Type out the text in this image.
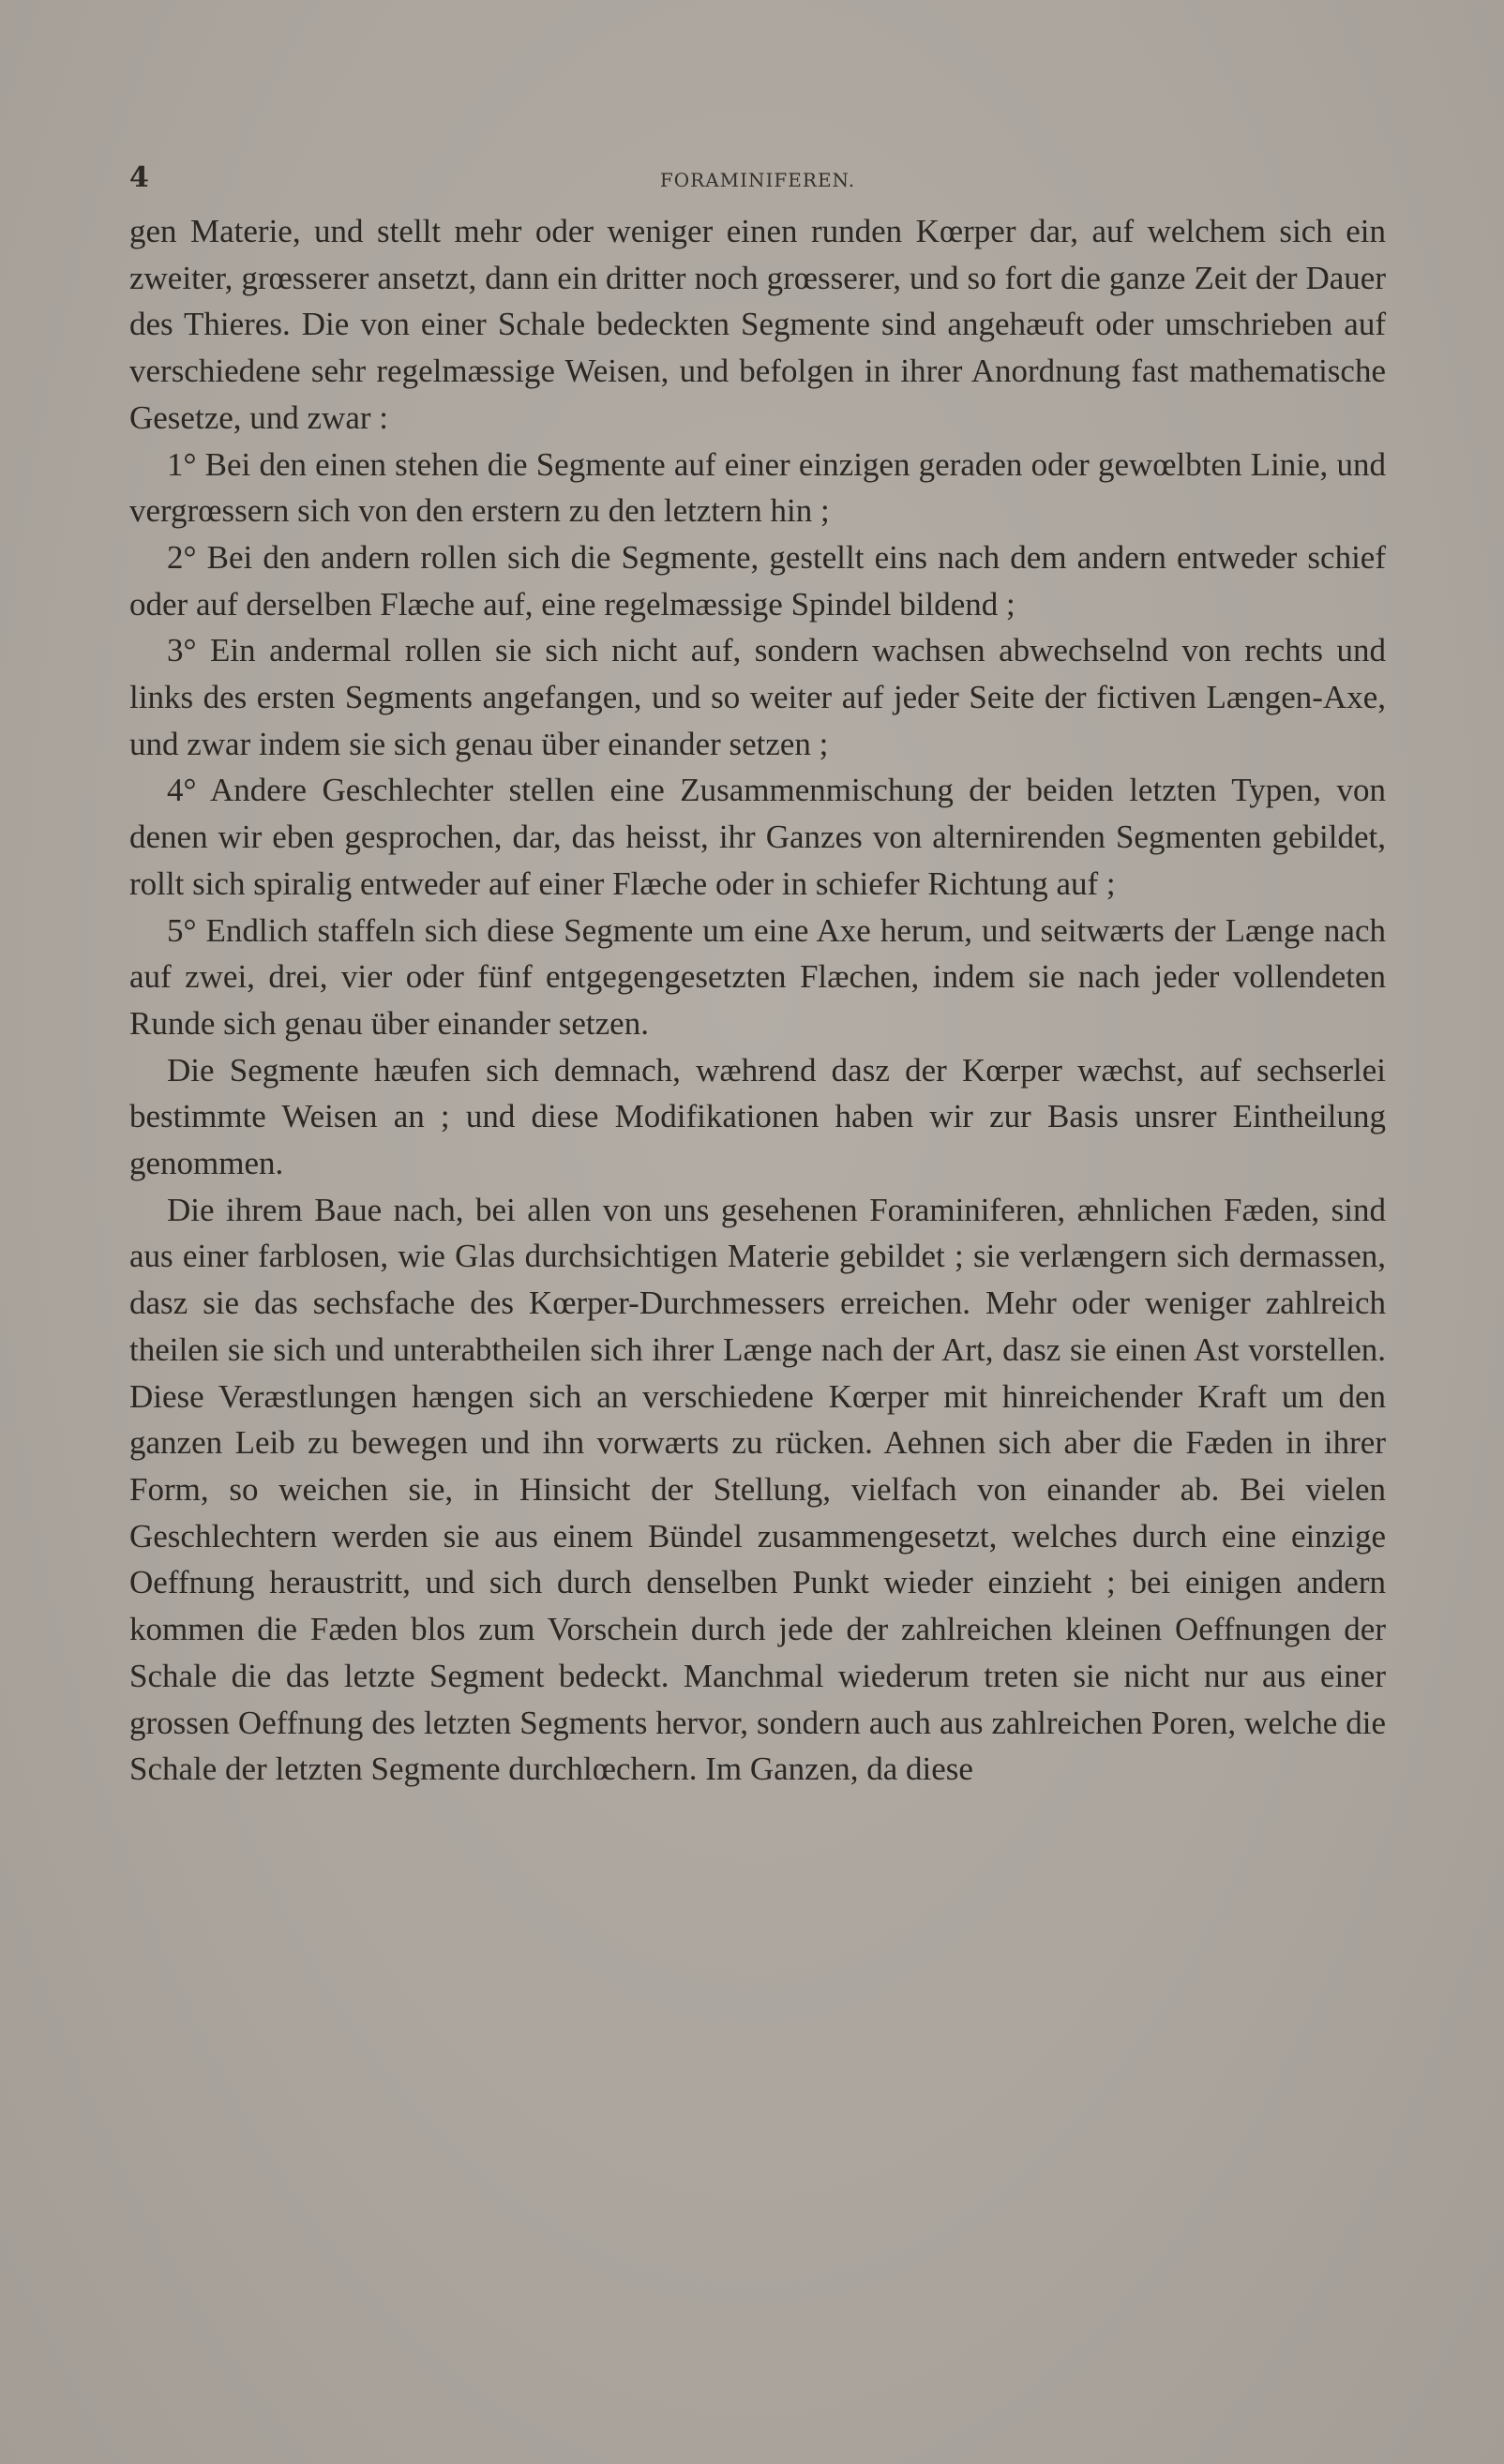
4	FORAMINIFEREN.

gen Materie, und stellt mehr oder weniger einen runden Kœrper dar, auf welchem sich ein zweiter, grœsserer ansetzt, dann ein dritter noch grœsserer, und so fort die ganze Zeit der Dauer des Thieres. Die von einer Schale bedeckten Segmente sind angehæuft oder umschrieben auf verschiedene sehr regelmæssige Weisen, und befolgen in ihrer Anordnung fast mathematische Gesetze, und zwar :

1° Bei den einen stehen die Segmente auf einer einzigen geraden oder gewœlbten Linie, und vergrœssern sich von den erstern zu den letztern hin ;

2° Bei den andern rollen sich die Segmente, gestellt eins nach dem andern entweder schief oder auf derselben Flæche auf, eine regelmæssige Spindel bildend ;

3° Ein andermal rollen sie sich nicht auf, sondern wachsen abwechselnd von rechts und links des ersten Segments angefangen, und so weiter auf jeder Seite der fictiven Længen-Axe, und zwar indem sie sich genau über einander setzen ;

4° Andere Geschlechter stellen eine Zusammenmischung der beiden letzten Typen, von denen wir eben gesprochen, dar, das heisst, ihr Ganzes von alternirenden Segmenten gebildet, rollt sich spiralig entweder auf einer Flæche oder in schiefer Richtung auf ;

5° Endlich staffeln sich diese Segmente um eine Axe herum, und seitwærts der Længe nach auf zwei, drei, vier oder fünf entgegengesetzten Flæchen, indem sie nach jeder vollendeten Runde sich genau über einander setzen.

Die Segmente hæufen sich demnach, wæhrend dasz der Kœrper wæchst, auf sechserlei bestimmte Weisen an ; und diese Modifikationen haben wir zur Basis unsrer Eintheilung genommen.

Die ihrem Baue nach, bei allen von uns gesehenen Foraminiferen, æhnlichen Fæden, sind aus einer farblosen, wie Glas durchsichtigen Materie gebildet ; sie verlængern sich dermassen, dasz sie das sechsfache des Kœrper-Durchmessers erreichen. Mehr oder weniger zahlreich theilen sie sich und unterabtheilen sich ihrer Længe nach der Art, dasz sie einen Ast vorstellen. Diese Veræstlungen hængen sich an verschiedene Kœrper mit hinreichender Kraft um den ganzen Leib zu bewegen und ihn vorwærts zu rücken. Aehnen sich aber die Fæden in ihrer Form, so weichen sie, in Hinsicht der Stellung, vielfach von einander ab. Bei vielen Geschlechtern werden sie aus einem Bündel zusammengesetzt, welches durch eine einzige Oeffnung heraustritt, und sich durch denselben Punkt wieder einzieht ; bei einigen andern kommen die Fæden blos zum Vorschein durch jede der zahlreichen kleinen Oeffnungen der Schale die das letzte Segment bedeckt. Manchmal wiederum treten sie nicht nur aus einer grossen Oeffnung des letzten Segments hervor, sondern auch aus zahlreichen Poren, welche die Schale der letzten Segmente durchlœchern. Im Ganzen, da diese
